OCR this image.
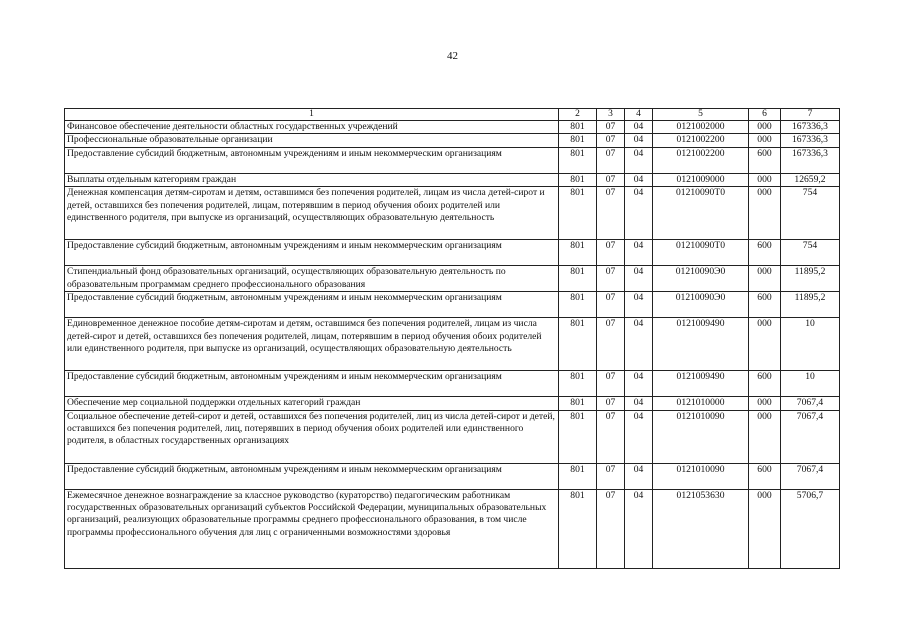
42
1	2	3	4	5	6	7
Финансовое обеспечение деятельности областных государственных учреждений	801	07	04	0121002000	000	167336,3
Профессиональные образовательные организации	801	07	04	0121002200	000	167336,3
Предоставление субсидий бюджетным, автономным учреждениям и иным некоммерческим организациям	801	07	04	0121002200	600	167336,3
Выплаты отдельным категориям граждан	801	07	04	0121009000	000	12659,2
Денежная компенсация детям-сиротам и детям, оставшимся без попечения родителей, лицам из числа детей-сирот и детей, оставшихся без попечения родителей, лицам, потерявшим в период обучения обоих родителей или единственного родителя, при выпуске из организаций, осуществляющих образовательную деятельность	801	07	04	01210090Т0	000	754
Предоставление субсидий бюджетным, автономным учреждениям и иным некоммерческим организациям	801	07	04	01210090Т0	600	754
Стипендиальный фонд образовательных организаций, осуществляющих образовательную деятельность по образовательным программам среднего профессионального образования	801	07	04	01210090Э0	000	11895,2
Предоставление субсидий бюджетным, автономным учреждениям и иным некоммерческим организациям	801	07	04	01210090Э0	600	11895,2
Единовременное денежное пособие детям-сиротам и детям, оставшимся без попечения родителей, лицам из числа детей-сирот и детей, оставшихся без попечения родителей, лицам, потерявшим в период обучения обоих родителей или единственного родителя, при выпуске из организаций, осуществляющих образовательную деятельность	801	07	04	0121009490	000	10
Предоставление субсидий бюджетным, автономным учреждениям и иным некоммерческим организациям	801	07	04	0121009490	600	10
Обеспечение мер социальной поддержки отдельных категорий граждан	801	07	04	0121010000	000	7067,4
Социальное обеспечение детей-сирот и детей, оставшихся без попечения родителей, лиц из числа детей-сирот и детей, оставшихся без попечения родителей, лиц, потерявших в период обучения обоих родителей или единственного родителя, в областных государственных организациях	801	07	04	0121010090	000	7067,4
Предоставление субсидий бюджетным, автономным учреждениям и иным некоммерческим организациям	801	07	04	0121010090	600	7067,4
Ежемесячное денежное вознаграждение за классное руководство (кураторство) педагогическим работникам государственных образовательных организаций субъектов Российской Федерации, муниципальных образовательных организаций, реализующих образовательные программы среднего профессионального образования, в том числе программы профессионального обучения для лиц с ограниченными возможностями здоровья	801	07	04	0121053630	000	5706,7
